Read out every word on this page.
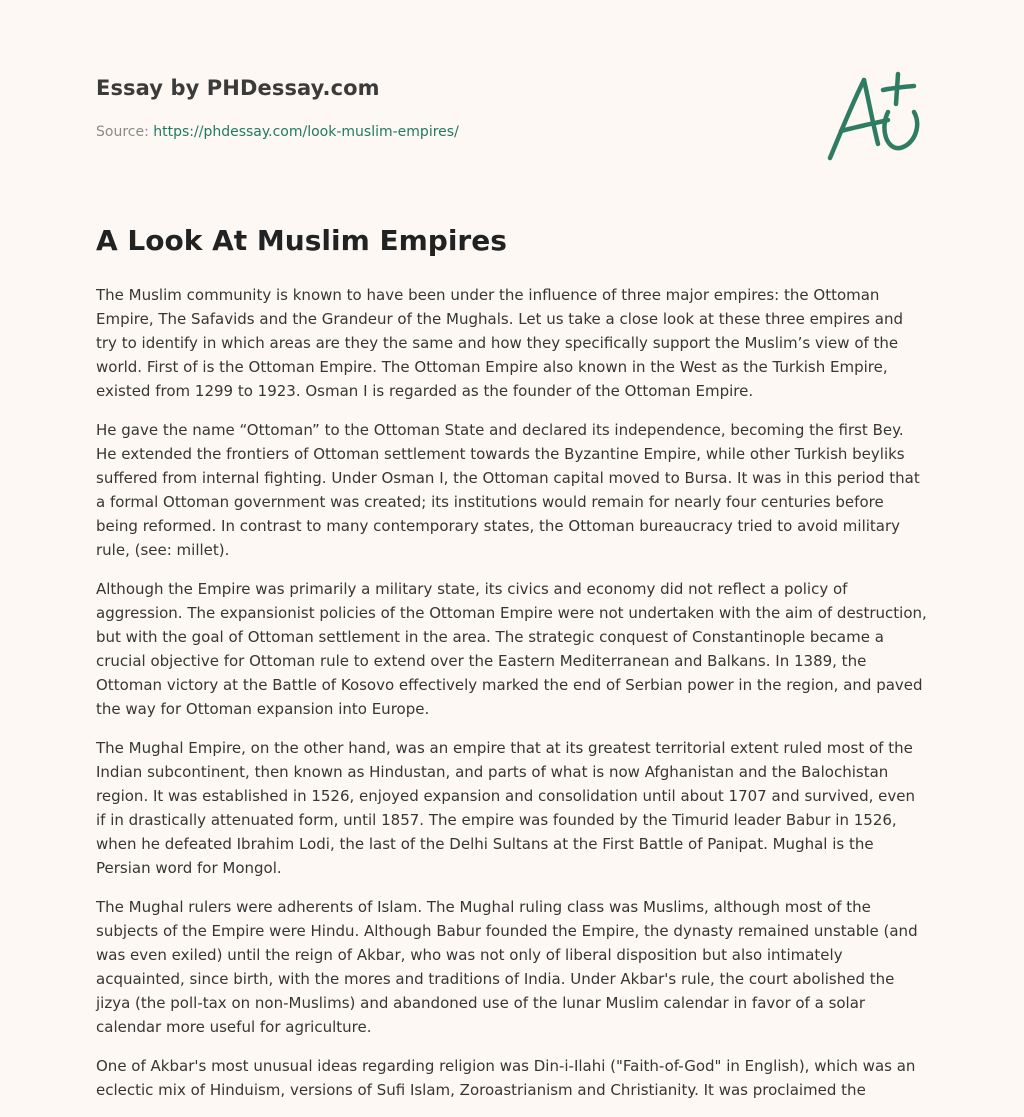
Essay by PHDessay.com
Source: https://phdessay.com/look-muslim-empires/
A Look At Muslim Empires

The Muslim community is known to have been under the influence of three major empires: the Ottoman Empire, The Safavids and the Grandeur of the Mughals. Let us take a close look at these three empires and try to identify in which areas are they the same and how they specifically support the Muslim’s view of the world. First of is the Ottoman Empire. The Ottoman Empire also known in the West as the Turkish Empire, existed from 1299 to 1923. Osman I is regarded as the founder of the Ottoman Empire.

He gave the name “Ottoman” to the Ottoman State and declared its independence, becoming the first Bey. He extended the frontiers of Ottoman settlement towards the Byzantine Empire, while other Turkish beyliks suffered from internal fighting. Under Osman I, the Ottoman capital moved to Bursa. It was in this period that a formal Ottoman government was created; its institutions would remain for nearly four centuries before being reformed. In contrast to many contemporary states, the Ottoman bureaucracy tried to avoid military rule, (see: millet).

Although the Empire was primarily a military state, its civics and economy did not reflect a policy of aggression. The expansionist policies of the Ottoman Empire were not undertaken with the aim of destruction, but with the goal of Ottoman settlement in the area. The strategic conquest of Constantinople became a crucial objective for Ottoman rule to extend over the Eastern Mediterranean and Balkans. In 1389, the Ottoman victory at the Battle of Kosovo effectively marked the end of Serbian power in the region, and paved the way for Ottoman expansion into Europe.

The Mughal Empire, on the other hand, was an empire that at its greatest territorial extent ruled most of the Indian subcontinent, then known as Hindustan, and parts of what is now Afghanistan and the Balochistan region. It was established in 1526, enjoyed expansion and consolidation until about 1707 and survived, even if in drastically attenuated form, until 1857. The empire was founded by the Timurid leader Babur in 1526, when he defeated Ibrahim Lodi, the last of the Delhi Sultans at the First Battle of Panipat. Mughal is the Persian word for Mongol.

The Mughal rulers were adherents of Islam. The Mughal ruling class was Muslims, although most of the subjects of the Empire were Hindu. Although Babur founded the Empire, the dynasty remained unstable (and was even exiled) until the reign of Akbar, who was not only of liberal disposition but also intimately acquainted, since birth, with the mores and traditions of India. Under Akbar's rule, the court abolished the jizya (the poll-tax on non-Muslims) and abandoned use of the lunar Muslim calendar in favor of a solar calendar more useful for agriculture.

One of Akbar's most unusual ideas regarding religion was Din-i-Ilahi ("Faith-of-God" in English), which was an eclectic mix of Hinduism, versions of Sufi Islam, Zoroastrianism and Christianity. It was proclaimed the
